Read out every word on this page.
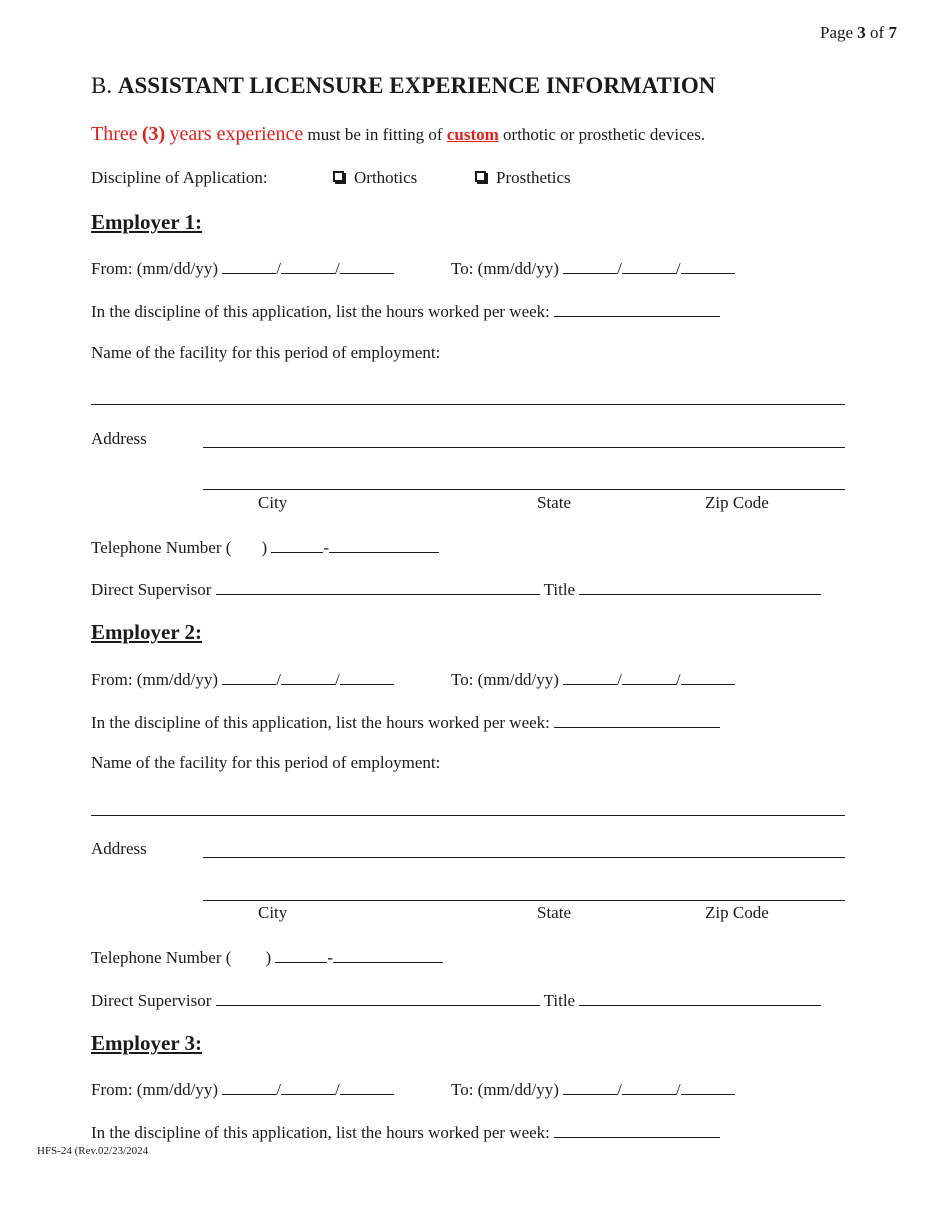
Page 3 of 7
B. ASSISTANT LICENSURE EXPERIENCE INFORMATION
Three (3) years experience must be in fitting of custom orthotic or prosthetic devices.
Discipline of Application:	Orthotics	Prosthetics
Employer 1:
From: (mm/dd/yy)	/	/	To: (mm/dd/yy)	/	/
In the discipline of this application, list the hours worked per week:
Name of the facility for this period of employment:
Address
City	State	Zip Code
Telephone Number ( )	-
Direct Supervisor	Title
Employer 2:
From: (mm/dd/yy)	/	/	To: (mm/dd/yy)	/	/
In the discipline of this application, list the hours worked per week:
Name of the facility for this period of employment:
Address
City	State	Zip Code
Telephone Number ( )	-
Direct Supervisor	Title
Employer 3:
From: (mm/dd/yy)	/	/	To: (mm/dd/yy)	/	/
In the discipline of this application, list the hours worked per week:
HFS-24 (Rev.02/23/2024
